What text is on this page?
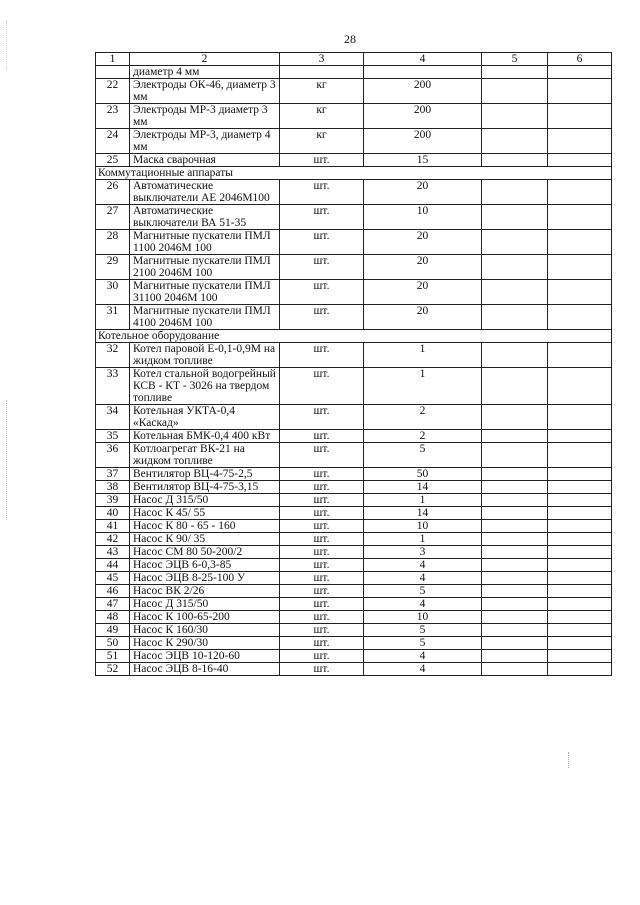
28
1	2	3	4	5	6
	диаметр 4 мм				
22	Электроды ОК-46, диаметр 3 мм	кг	200		
23	Электроды МР-3 диаметр 3 мм	кг	200		
24	Электроды МР-3, диаметр 4 мм	кг	200		
25	Маска сварочная	шт.	15		
Коммутационные аппараты					
26	Автоматические выключатели АЕ 2046М100	шт.	20		
27	Автоматические выключатели ВА 51-35	шт.	10		
28	Магнитные пускатели ПМЛ 1100 2046М 100	шт.	20		
29	Магнитные пускатели ПМЛ 2100 2046М 100	шт.	20		
30	Магнитные пускатели ПМЛ 31100 2046М 100	шт.	20		
31	Магнитные пускатели ПМЛ 4100 2046М 100	шт.	20		
Котельное оборудование					
32	Котел паровой Е-0,1-0,9М на жидком топливе	шт.	1		
33	Котел стальной водогрейный КСВ - КТ - 3026 на твердом топливе	шт.	1		
34	Котельная УКТА-0,4 «Каскад»	шт.	2		
35	Котельная БМК-0,4 400 кВт	шт.	2		
36	Котлоагрегат ВК-21 на жидком топливе	шт.	5		
37	Вентилятор ВЦ-4-75-2,5	шт.	50		
38	Вентилятор ВЦ-4-75-3,15	шт.	14		
39	Насос Д 315/50	шт.	1		
40	Насос К 45/ 55	шт.	14		
41	Насос К 80 - 65 - 160	шт.	10		
42	Насос К 90/ 35	шт.	1		
43	Насос СМ 80 50-200/2	шт.	3		
44	Насос ЭЦВ 6-0,3-85	шт.	4		
45	Насос ЭЦВ 8-25-100 У	шт.	4		
46	Насос ВК 2/26	шт.	5		
47	Насос Д 315/50	шт.	4		
48	Насос К 100-65-200	шт.	10		
49	Насос К 160/30	шт.	5		
50	Насос К 290/30	шт.	5		
51	Насос ЭЦВ 10-120-60	шт.	4		
52	Насос ЭЦВ 8-16-40	шт.	4		
